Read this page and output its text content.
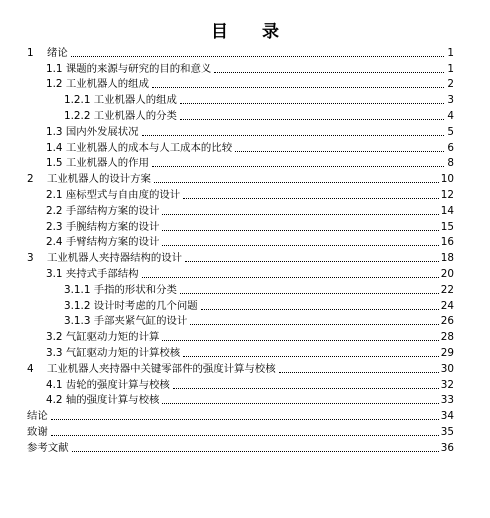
目 录
1 绪论	1
1.1 课题的来源与研究的目的和意义	1
1.2 工业机器人的组成	2
1.2.1 工业机器人的组成	3
1.2.2 工业机器人的分类	4
1.3 国内外发展状况	5
1.4 工业机器人的成本与人工成本的比较	6
1.5 工业机器人的作用	8
2 工业机器人的设计方案	10
2.1 座标型式与自由度的设计	12
2.2 手部结构方案的设计	14
2.3 手腕结构方案的设计	15
2.4 手臂结构方案的设计	16
3 工业机器人夹持器结构的设计	18
3.1 夹持式手部结构	20
3.1.1 手指的形状和分类	22
3.1.2 设计时考虑的几个问题	24
3.1.3 手部夹紧气缸的设计	26
3.2 气缸驱动力矩的计算	28
3.3 气缸驱动力矩的计算校核	29
4 工业机器人夹持器中关键零部件的强度计算与校核	30
4.1 齿轮的强度计算与校核	32
4.2 轴的强度计算与校核	33
结论	34
致谢	35
参考文献	36
